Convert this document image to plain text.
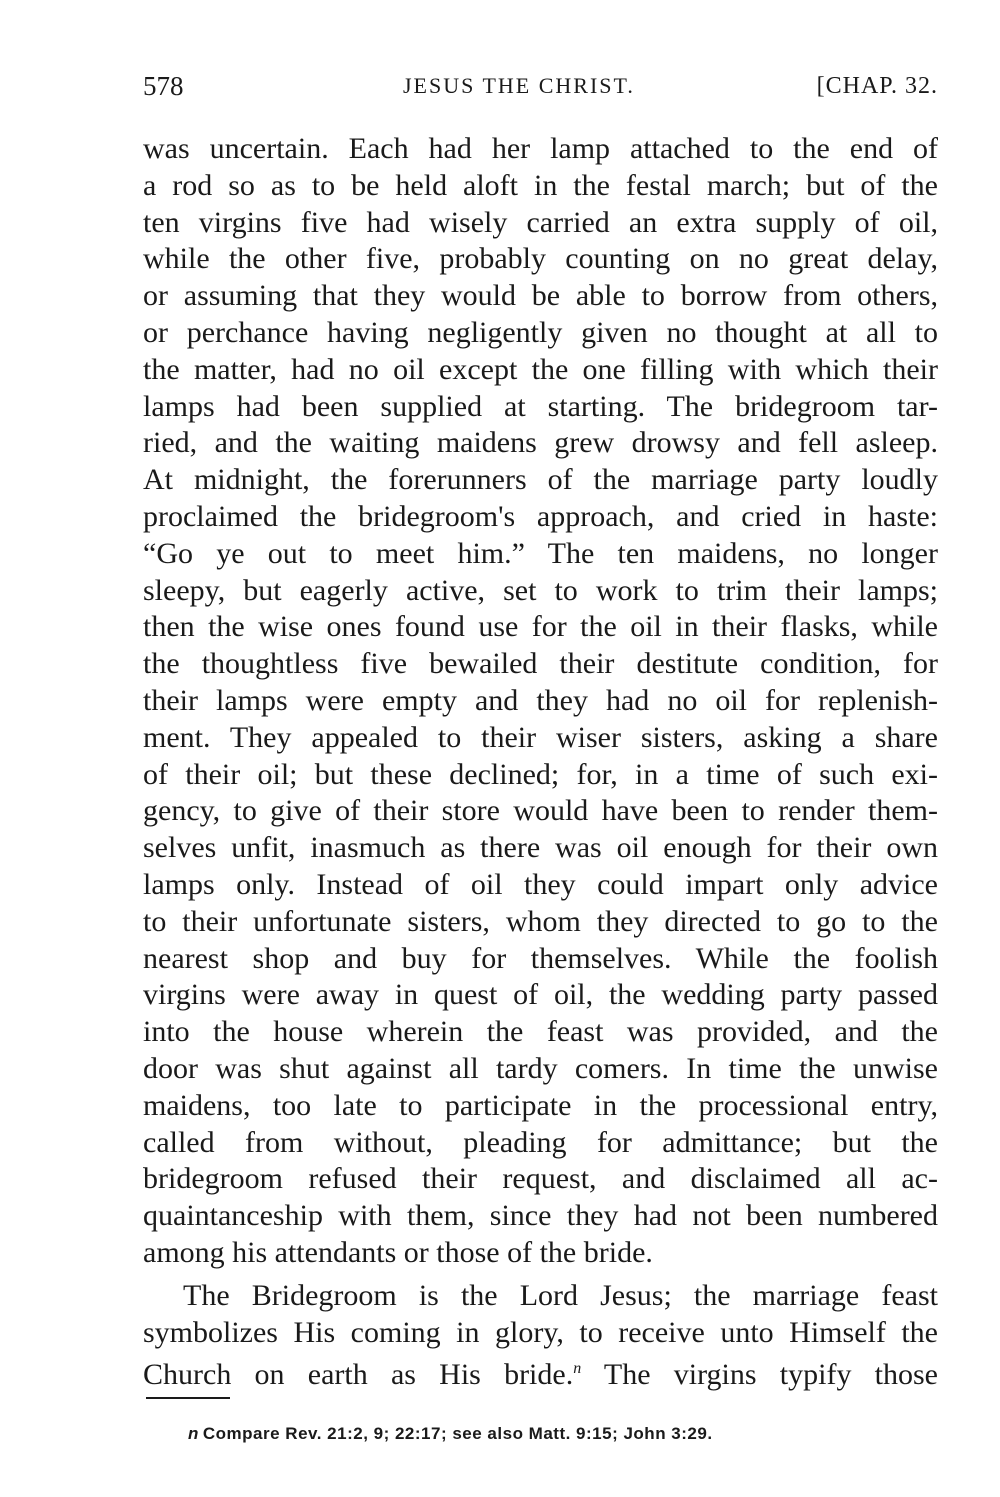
578	JESUS THE CHRIST.	[CHAP. 32.
was uncertain. Each had her lamp attached to the end of
a rod so as to be held aloft in the festal march; but of the
ten virgins five had wisely carried an extra supply of oil,
while the other five, probably counting on no great delay,
or assuming that they would be able to borrow from others,
or perchance having negligently given no thought at all to
the matter, had no oil except the one filling with which their
lamps had been supplied at starting. The bridegroom tar-
ried, and the waiting maidens grew drowsy and fell asleep.
At midnight, the forerunners of the marriage party loudly
proclaimed the bridegroom's approach, and cried in haste:
“Go ye out to meet him.” The ten maidens, no longer
sleepy, but eagerly active, set to work to trim their lamps;
then the wise ones found use for the oil in their flasks, while
the thoughtless five bewailed their destitute condition, for
their lamps were empty and they had no oil for replenish-
ment. They appealed to their wiser sisters, asking a share
of their oil; but these declined; for, in a time of such exi-
gency, to give of their store would have been to render them-
selves unfit, inasmuch as there was oil enough for their own
lamps only. Instead of oil they could impart only advice
to their unfortunate sisters, whom they directed to go to the
nearest shop and buy for themselves. While the foolish
virgins were away in quest of oil, the wedding party passed
into the house wherein the feast was provided, and the
door was shut against all tardy comers. In time the unwise
maidens, too late to participate in the processional entry,
called from without, pleading for admittance; but the
bridegroom refused their request, and disclaimed all ac-
quaintanceship with them, since they had not been numbered
among his attendants or those of the bride.
The Bridegroom is the Lord Jesus; the marriage feast
symbolizes His coming in glory, to receive unto Himself the
Church on earth as His bride.$^n$ The virgins typify those
n Compare Rev. 21:2, 9; 22:17; see also Matt. 9:15; John 3:29.
